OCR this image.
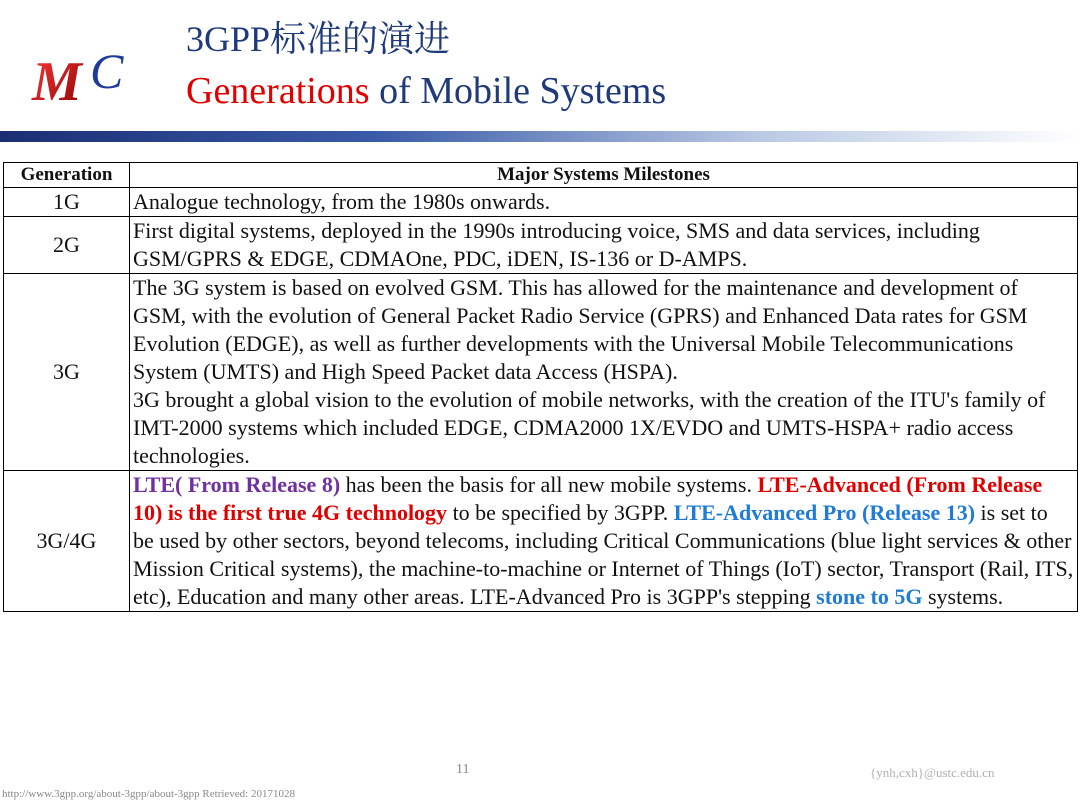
M C
3GPP标准的演进
Generations of Mobile Systems
Generation	Major Systems Milestones
1G	Analogue technology, from the 1980s onwards.
2G	First digital systems, deployed in the 1990s introducing voice, SMS and data services, including GSM/GPRS & EDGE, CDMAOne, PDC, iDEN, IS-136 or D-AMPS.
3G	The 3G system is based on evolved GSM. This has allowed for the maintenance and development of GSM, with the evolution of General Packet Radio Service (GPRS) and Enhanced Data rates for GSM Evolution (EDGE), as well as further developments with the Universal Mobile Telecommunications System (UMTS) and High Speed Packet data Access (HSPA).
3G brought a global vision to the evolution of mobile networks, with the creation of the ITU's family of IMT-2000 systems which included EDGE, CDMA2000 1X/EVDO and UMTS-HSPA+ radio access technologies.
3G/4G	LTE( From Release 8) has been the basis for all new mobile systems. LTE-Advanced (From Release 10) is the first true 4G technology to be specified by 3GPP. LTE-Advanced Pro (Release 13) is set to be used by other sectors, beyond telecoms, including Critical Communications (blue light services & other Mission Critical systems), the machine-to-machine or Internet of Things (IoT) sector, Transport (Rail, ITS, etc), Education and many other areas. LTE-Advanced Pro is 3GPP's stepping stone to 5G systems.
11	{ynh,cxh}@ustc.edu.cn
http://www.3gpp.org/about-3gpp/about-3gpp Retrieved: 20171028
